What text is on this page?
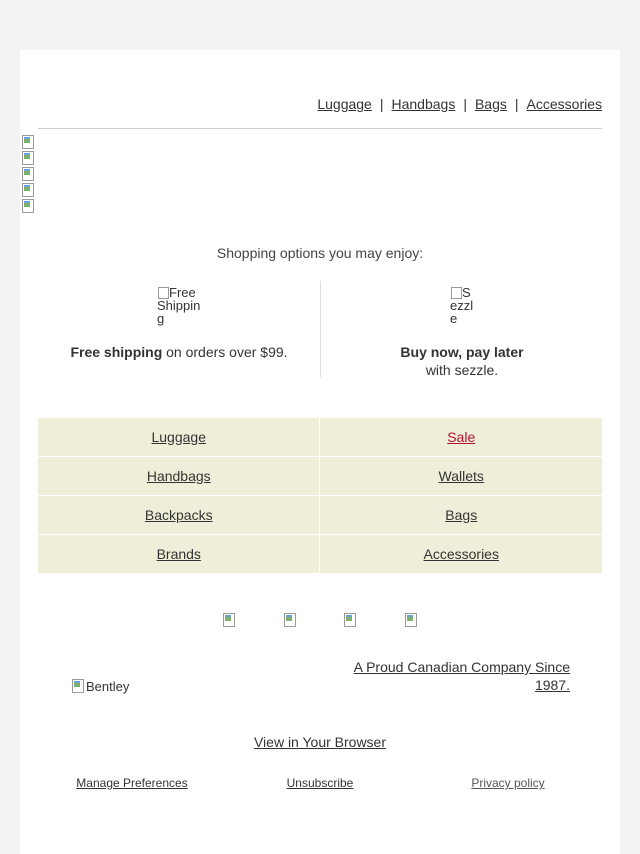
Luggage | Handbags | Bags | Accessories
Shopping options you may enjoy:
Free Shipping
Free shipping on orders over $99.
Sezzle
Buy now, pay later
with sezzle.
Luggage	Sale
Handbags	Wallets
Backpacks	Bags
Brands	Accessories

Bentley
A Proud Canadian Company Since 1987.
View in Your Browser
Manage Preferences	Unsubscribe	Privacy policy
